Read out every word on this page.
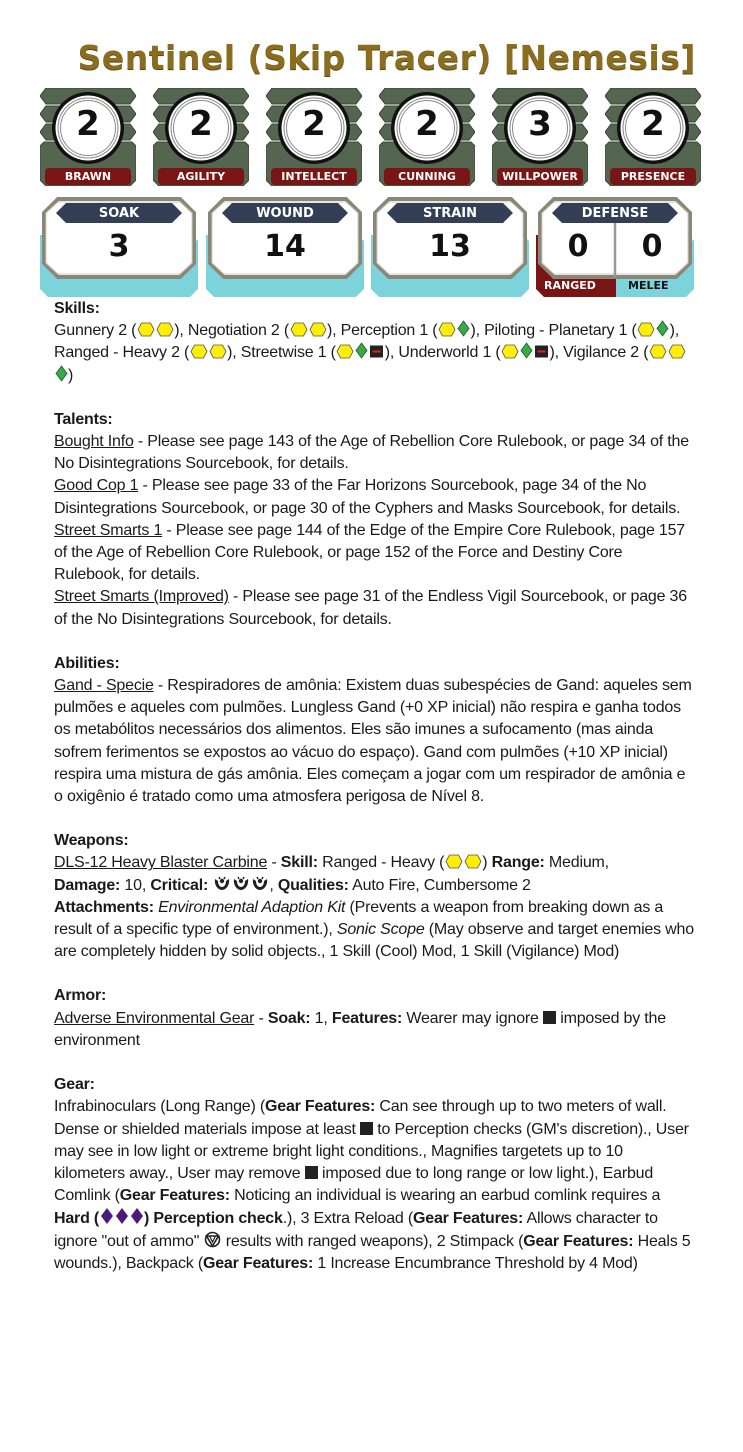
Sentinel (Skip Tracer) [Nemesis]
2
BRAWN
2
AGILITY
2
INTELLECT
2
CUNNING
3
WILLPOWER
2
PRESENCE
SOAK
3
WOUND
14
STRAIN
13
DEFENSE
0	0
RANGED	MELEE
Skills:
Gunnery 2 ( ), Negotiation 2 ( ), Perception 1 ( ), Piloting - Planetary 1 ( ), Ranged - Heavy 2 ( ), Streetwise 1 (	), Underworld 1 (	), Vigilance 2 ()
Talents:
Bought Info - Please see page 143 of the Age of Rebellion Core Rulebook, or page 34 of the No Disintegrations Sourcebook, for details.
Good Cop 1 - Please see page 33 of the Far Horizons Sourcebook, page 34 of the No Disintegrations Sourcebook, or page 30 of the Cyphers and Masks Sourcebook, for details.
Street Smarts 1 - Please see page 144 of the Edge of the Empire Core Rulebook, page 157 of the Age of Rebellion Core Rulebook, or page 152 of the Force and Destiny Core Rulebook, for details.
Street Smarts (Improved) - Please see page 31 of the Endless Vigil Sourcebook, or page 36 of the No Disintegrations Sourcebook, for details.
Abilities:
Gand - Specie - Respiradores de amônia: Existem duas subespécies de Gand: aqueles sem pulmões e aqueles com pulmões. Lungless Gand (+0 XP inicial) não respira e ganha todos os metabólitos necessários dos alimentos. Eles são imunes a sufocamento (mas ainda sofrem ferimentos se expostos ao vácuo do espaço). Gand com pulmões (+10 XP inicial) respira uma mistura de gás amônia. Eles começam a jogar com um respirador de amônia e o oxigênio é tratado como uma atmosfera perigosa de Nível 8.
Weapons:
DLS-12 Heavy Blaster Carbine - Skill: Ranged - Heavy ( ) Range: Medium,
Damage: 10, Critical:	, Qualities: Auto Fire, Cumbersome 2
Attachments: Environmental Adaption Kit (Prevents a weapon from breaking down as a result of a specific type of environment.), Sonic Scope (May observe and target enemies who are completely hidden by solid objects., 1 Skill (Cool) Mod, 1 Skill (Vigilance) Mod)
Armor:
Adverse Environmental Gear - Soak: 1, Features: Wearer may ignore  imposed by the environment
Gear:
Infrabinoculars (Long Range) (Gear Features: Can see through up to two meters of wall. Dense or shielded materials impose at least  to Perception checks (GM's discretion)., User may see in low light or extreme bright light conditions., Magnifies targetets up to 10 kilometers away., User may remove  imposed due to long range or low light.), Earbud Comlink (Gear Features: Noticing an individual is wearing an earbud comlink requires a Hard (	) Perception check.), 3 Extra Reload (Gear Features: Allows character to ignore "out of ammo"  results with ranged weapons), 2 Stimpack (Gear Features: Heals 5 wounds.), Backpack (Gear Features: 1 Increase Encumbrance Threshold by 4 Mod)
